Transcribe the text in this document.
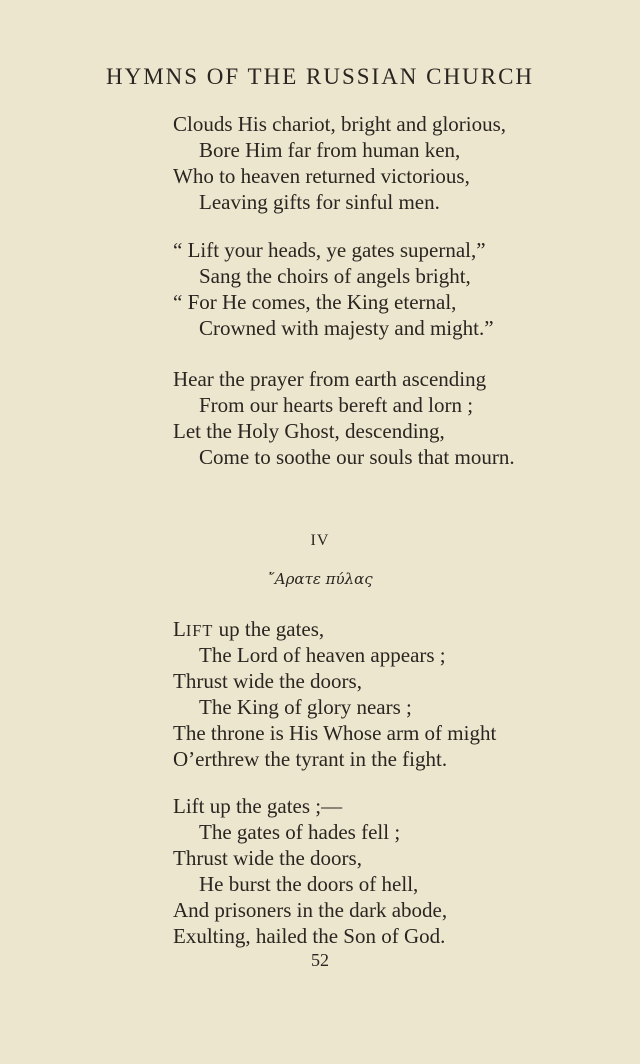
HYMNS OF THE RUSSIAN CHURCH
Clouds His chariot, bright and glorious,
Bore Him far from human ken,
Who to heaven returned victorious,
Leaving gifts for sinful men.
“ Lift your heads, ye gates supernal,”
Sang the choirs of angels bright,
“ For He comes, the King eternal,
Crowned with majesty and might.”
Hear the prayer from earth ascending
From our hearts bereft and lorn ;
Let the Holy Ghost, descending,
Come to soothe our souls that mourn.
IV
῎Αρατε πύλας
LIFT up the gates,
The Lord of heaven appears ;
Thrust wide the doors,
The King of glory nears ;
The throne is His Whose arm of might
O’erthrew the tyrant in the fight.
Lift up the gates ;—
The gates of hades fell ;
Thrust wide the doors,
He burst the doors of hell,
And prisoners in the dark abode,
Exulting, hailed the Son of God.
52
